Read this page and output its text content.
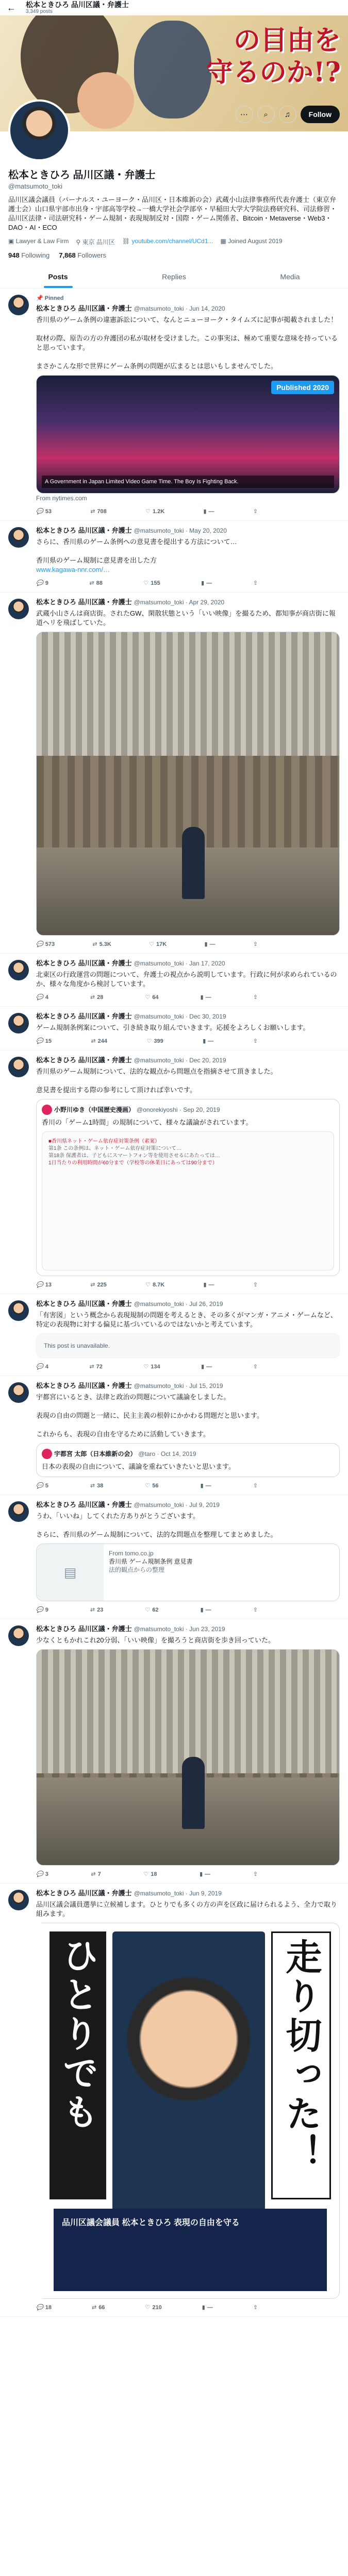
← 松本ときひろ 品川区議・弁護士
3,349 posts
の目由を
守るのか!?
⋯	⌕	♫	Follow
松本ときひろ 品川区議・弁護士
@matsumoto_toki
品川区議会議員（パーナルス・ユーヨーク・品川区・日本維新の会）武蔵小山法律事務所代表弁護士（東京弁護士会）山口県宇部市出身・宇部高等学校→一橋大学社会学部卒・早稲田大学大学院法務研究科、司法修習・品川区法律・司法研究科・ゲーム規制・表現規制反対・国際・ゲーム関係者、Bitcoin・Metaverse・Web3・DAO・AI・ECO
▣ Lawyer & Law Firm ⚲ 東京 品川区 ⛓ youtube.com/channel/UCd1... ▦ Joined August 2019
948 Following 7,868 Followers
Posts	Replies	Media
📌 Pinned
松本ときひろ 品川区議・弁護士 @matsumoto_toki · Jun 14, 2020
香川県のゲーム条例の違憲訴訟について、なんとニューヨーク・タイムズに記事が掲載されました！

取材の際、原告の方の弁護団の私が取材を受けました。この事実は、極めて重要な意味を持っていると思っています。

まさかこんな形で世界にゲーム条例の問題が広まるとは思いもしませんでした。
Published 2020
A Government in Japan Limited Video Game Time. The Boy Is Fighting Back.
From nytimes.com
💬 53	⇄ 708	♡ 1.2K	▮ —	⇪
松本ときひろ 品川区議・弁護士 @matsumoto_toki · May 20, 2020
さらに、香川県のゲーム条例への意見書を提出する方法について…

香川県のゲーム規制に意見書を出した方
www.kagawa-nnr.com/…
💬 9	⇄ 88	♡ 155	▮ —	⇪
松本ときひろ 品川区議・弁護士 @matsumoto_toki · Apr 29, 2020
武蔵小山さんは商店街。されたGW、閑散状態という「いい映像」を撮るため、都知事が商店街に報道ヘリを飛ばしていた。
💬 573	⇄ 5.3K	♡ 17K	▮ —	⇪
松本ときひろ 品川区議・弁護士 @matsumoto_toki · Jan 17, 2020
北東区の行政運営の問題について、弁護士の視点から説明しています。行政に何が求められているのか、様々な角度から検討しています。
💬 4	⇄ 28	♡ 64	▮ —	⇪
松本ときひろ 品川区議・弁護士 @matsumoto_toki · Dec 30, 2019
ゲーム規制条例案について、引き続き取り組んでいきます。応援をよろしくお願いします。
💬 15	⇄ 244	♡ 399	▮ —	⇪
松本ときひろ 品川区議・弁護士 @matsumoto_toki · Dec 20, 2019
香川県のゲーム規制について、法的な観点から問題点を指摘させて頂きました。

意見書を提出する際の参考にして頂ければ幸いです。
小野川ゆき（中国歴史漫画） @onorekiyoshi · Sep 20, 2019
香川の「ゲーム1時間」の規制について、様々な議論がされています。
■香川県ネット・ゲーム依存症対策条例（素案）
第1条 この条例は、ネット・ゲーム依存症対策について…
第18条 保護者は、子どもにスマートフォン等を使用させるにあたっては…
1日当たりの利用時間が60分まで（学校等の休業日にあっては90分まで）
💬 13	⇄ 225	♡ 8.7K	▮ —	⇪
松本ときひろ 品川区議・弁護士 @matsumoto_toki · Jul 26, 2019
「有害図」という概念から表現規制の問題を考えるとき、その多くがマンガ・アニメ・ゲームなど、特定の表現物に対する偏見に基づいているのではないかと考えています。
This post is unavailable.
💬 4	⇄ 72	♡ 134	▮ —	⇪
松本ときひろ 品川区議・弁護士 @matsumoto_toki · Jul 15, 2019
宇都宮にいるとき、法律と政治の問題について議論をしました。

表現の自由の問題と一緒に、民主主義の根幹にかかわる問題だと思います。

これからも、表現の自由を守るために活動していきます。
宇都宮 太郎（日本維新の会） @taro · Oct 14, 2019
日本の表現の自由について、議論を重ねていきたいと思います。
💬 5	⇄ 38	♡ 56	▮ —	⇪
松本ときひろ 品川区議・弁護士 @matsumoto_toki · Jul 9, 2019
うわ、「いいね」してくれた方ありがとうございます。

さらに、香川県のゲーム規制について、法的な問題点を整理してまとめました。
▤
From tomo.co.jp
香川県 ゲーム規制条例 意見書
法的観点からの整理
💬 9	⇄ 23	♡ 62	▮ —	⇪
松本ときひろ 品川区議・弁護士 @matsumoto_toki · Jun 23, 2019
少なくともかれこれ20分弱、「いい映像」を撮ろうと商店街を歩き回っていた。
💬 3	⇄ 7	♡ 18	▮ —	⇪
松本ときひろ 品川区議・弁護士 @matsumoto_toki · Jun 9, 2019
品川区議会議員選挙に立候補します。ひとりでも多くの方の声を区政に届けられるよう、全力で取り組みます。
ひとりでも	走り切った！
品川区議会議員 松本ときひろ 表現の自由を守る
💬 18	⇄ 66	♡ 210	▮ —	⇪
